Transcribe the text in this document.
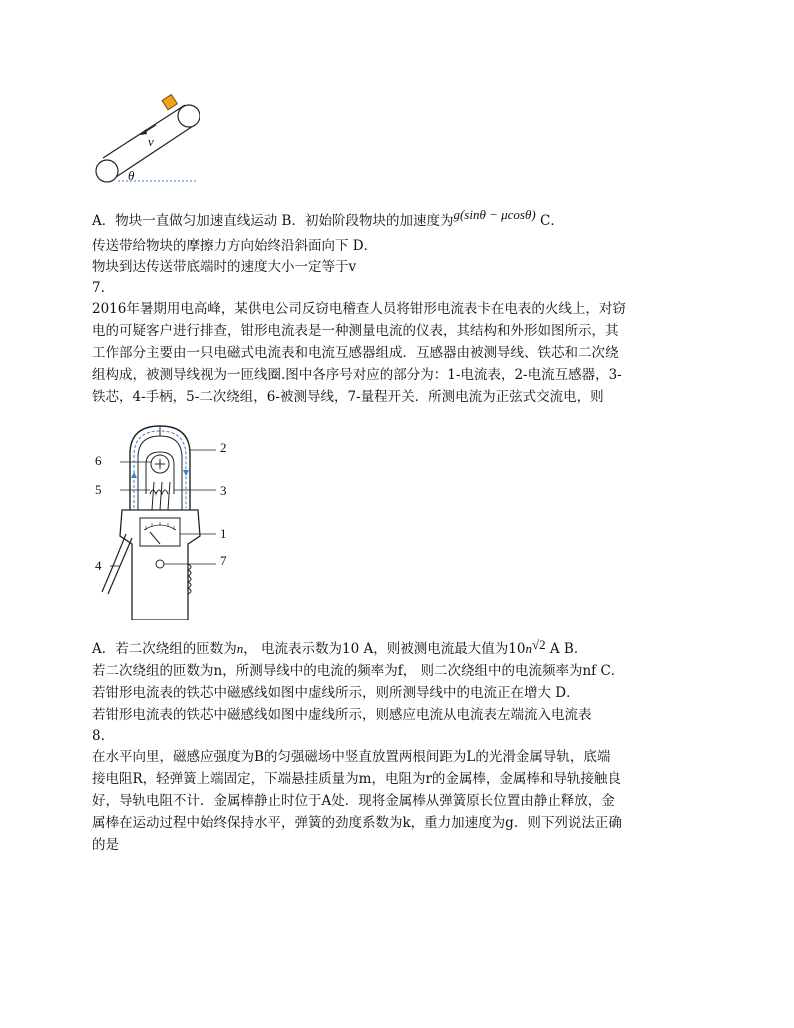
v
θ
A．物块一直做匀加速直线运动 B．初始阶段物块的加速度为g(sinθ − μcosθ) C．
传送带给物块的摩擦力方向始终沿斜面向下 D．
物块到达传送带底端时的速度大小一定等于v
7.
2016年暑期用电高峰，某供电公司反窃电稽查人员将钳形电流表卡在电表的火线上，对窃
电的可疑客户进行排查，钳形电流表是一种测量电流的仪表，其结构和外形如图所示，其
工作部分主要由一只电磁式电流表和电流互感器组成．互感器由被测导线、铁芯和二次绕
组构成，被测导线视为一匝线圈.图中各序号对应的部分为：1-电流表，2-电流互感器，3-
铁芯，4-手柄，5-二次绕组，6-被测导线，7-量程开关．所测电流为正弦式交流电，则
6
5
2
3
1
7
4
A．若二次绕组的匝数为n， 电流表示数为10 A，则被测电流最大值为10n√2 A B．
若二次绕组的匝数为n，所测导线中的电流的频率为f， 则二次绕组中的电流频率为nf C．
若钳形电流表的铁芯中磁感线如图中虚线所示，则所测导线中的电流正在增大 D．
若钳形电流表的铁芯中磁感线如图中虚线所示，则感应电流从电流表左端流入电流表
8.
在水平向里，磁感应强度为B的匀强磁场中竖直放置两根间距为L的光滑金属导轨，底端
接电阻R，轻弹簧上端固定，下端悬挂质量为m，电阻为r的金属棒，金属棒和导轨接触良
好，导轨电阻不计．金属棒静止时位于A处．现将金属棒从弹簧原长位置由静止释放，金
属棒在运动过程中始终保持水平，弹簧的劲度系数为k，重力加速度为g．则下列说法正确
的是
